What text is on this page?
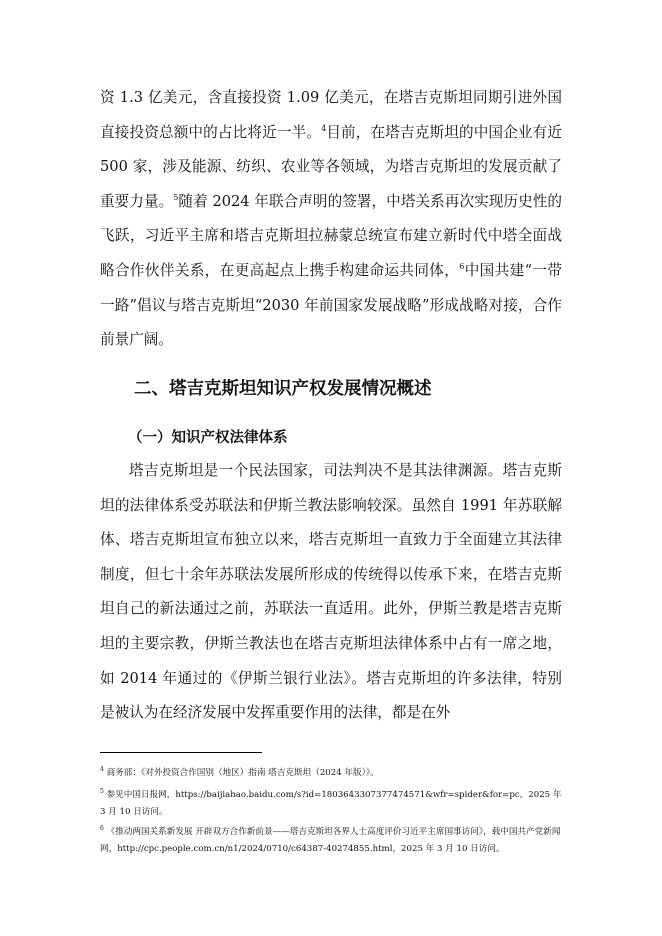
资 1.3 亿美元，含直接投资 1.09 亿美元，在塔吉克斯坦同期引进外国直接投资总额中的占比将近一半。$^4$目前，在塔吉克斯坦的中国企业有近 500 家，涉及能源、纺织、农业等各领域，为塔吉克斯坦的发展贡献了重要力量。$^5$随着 2024 年联合声明的签署，中塔关系再次实现历史性的飞跃，习近平主席和塔吉克斯坦拉赫蒙总统宣布建立新时代中塔全面战略合作伙伴关系，在更高起点上携手构建命运共同体，$^6$中国共建“一带一路”倡议与塔吉克斯坦“2030 年前国家发展战略”形成战略对接，合作前景广阔。

二、塔吉克斯坦知识产权发展情况概述
（一）知识产权法律体系

塔吉克斯坦是一个民法国家，司法判决不是其法律渊源。塔吉克斯坦的法律体系受苏联法和伊斯兰教法影响较深。虽然自 1991 年苏联解体、塔吉克斯坦宣布独立以来，塔吉克斯坦一直致力于全面建立其法律制度，但七十余年苏联法发展所形成的传统得以传承下来，在塔吉克斯坦自己的新法通过之前，苏联法一直适用。此外，伊斯兰教是塔吉克斯坦的主要宗教，伊斯兰教法也在塔吉克斯坦法律体系中占有一席之地，如 2014 年通过的《伊斯兰银行业法》。塔吉克斯坦的许多法律，特别是被认为在经济发展中发挥重要作用的法律，都是在外

$^4$ 商务部：《对外投资合作国别（地区）指南 塔吉克斯坦（2024 年版）》。

$^5$ 参见中国日报网，https://baijiahao.baidu.com/s?id=1803643307377474571&wfr=spider&for=pc，2025 年 3 月 10 日访问。

$^6$ 《推动两国关系新发展 开辟双方合作新前景——塔吉克斯坦各界人士高度评价习近平主席国事访问》，载中国共产党新闻网，http://cpc.people.com.cn/n1/2024/0710/c64387-40274855.html，2025 年 3 月 10 日访问。
